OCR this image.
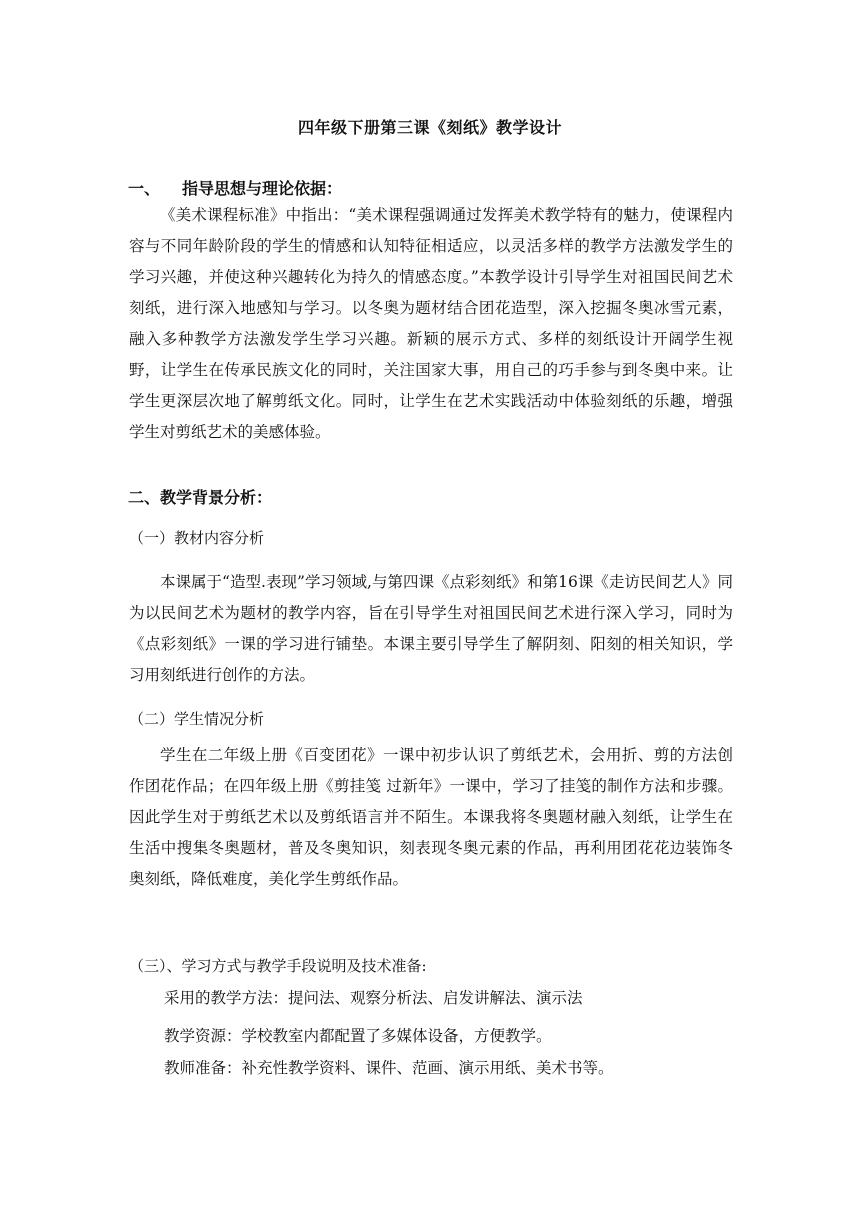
四年级下册第三课《刻纸》教学设计
一、 指导思想与理论依据：
《美术课程标准》中指出：“美术课程强调通过发挥美术教学特有的魅力，使课程内容与不同年龄阶段的学生的情感和认知特征相适应，以灵活多样的教学方法激发学生的学习兴趣，并使这种兴趣转化为持久的情感态度。”本教学设计引导学生对祖国民间艺术刻纸，进行深入地感知与学习。以冬奥为题材结合团花造型，深入挖掘冬奥冰雪元素，融入多种教学方法激发学生学习兴趣。新颖的展示方式、多样的刻纸设计开阔学生视野，让学生在传承民族文化的同时，关注国家大事，用自己的巧手参与到冬奥中来。让学生更深层次地了解剪纸文化。同时，让学生在艺术实践活动中体验刻纸的乐趣，增强学生对剪纸艺术的美感体验。
二、教学背景分析：
（一）教材内容分析
本课属于“造型.表现”学习领域,与第四课《点彩刻纸》和第16课《走访民间艺人》同为以民间艺术为题材的教学内容，旨在引导学生对祖国民间艺术进行深入学习，同时为《点彩刻纸》一课的学习进行铺垫。本课主要引导学生了解阴刻、阳刻的相关知识，学习用刻纸进行创作的方法。
（二）学生情况分析
学生在二年级上册《百变团花》一课中初步认识了剪纸艺术，会用折、剪的方法创作团花作品；在四年级上册《剪挂笺 过新年》一课中，学习了挂笺的制作方法和步骤。因此学生对于剪纸艺术以及剪纸语言并不陌生。本课我将冬奥题材融入刻纸，让学生在生活中搜集冬奥题材，普及冬奥知识，刻表现冬奥元素的作品，再利用团花花边装饰冬奥刻纸，降低难度，美化学生剪纸作品。
（三）、学习方式与教学手段说明及技术准备:
采用的教学方法：提问法、观察分析法、启发讲解法、演示法
教学资源：学校教室内都配置了多媒体设备，方便教学。
教师准备：补充性教学资料、课件、范画、演示用纸、美术书等。
